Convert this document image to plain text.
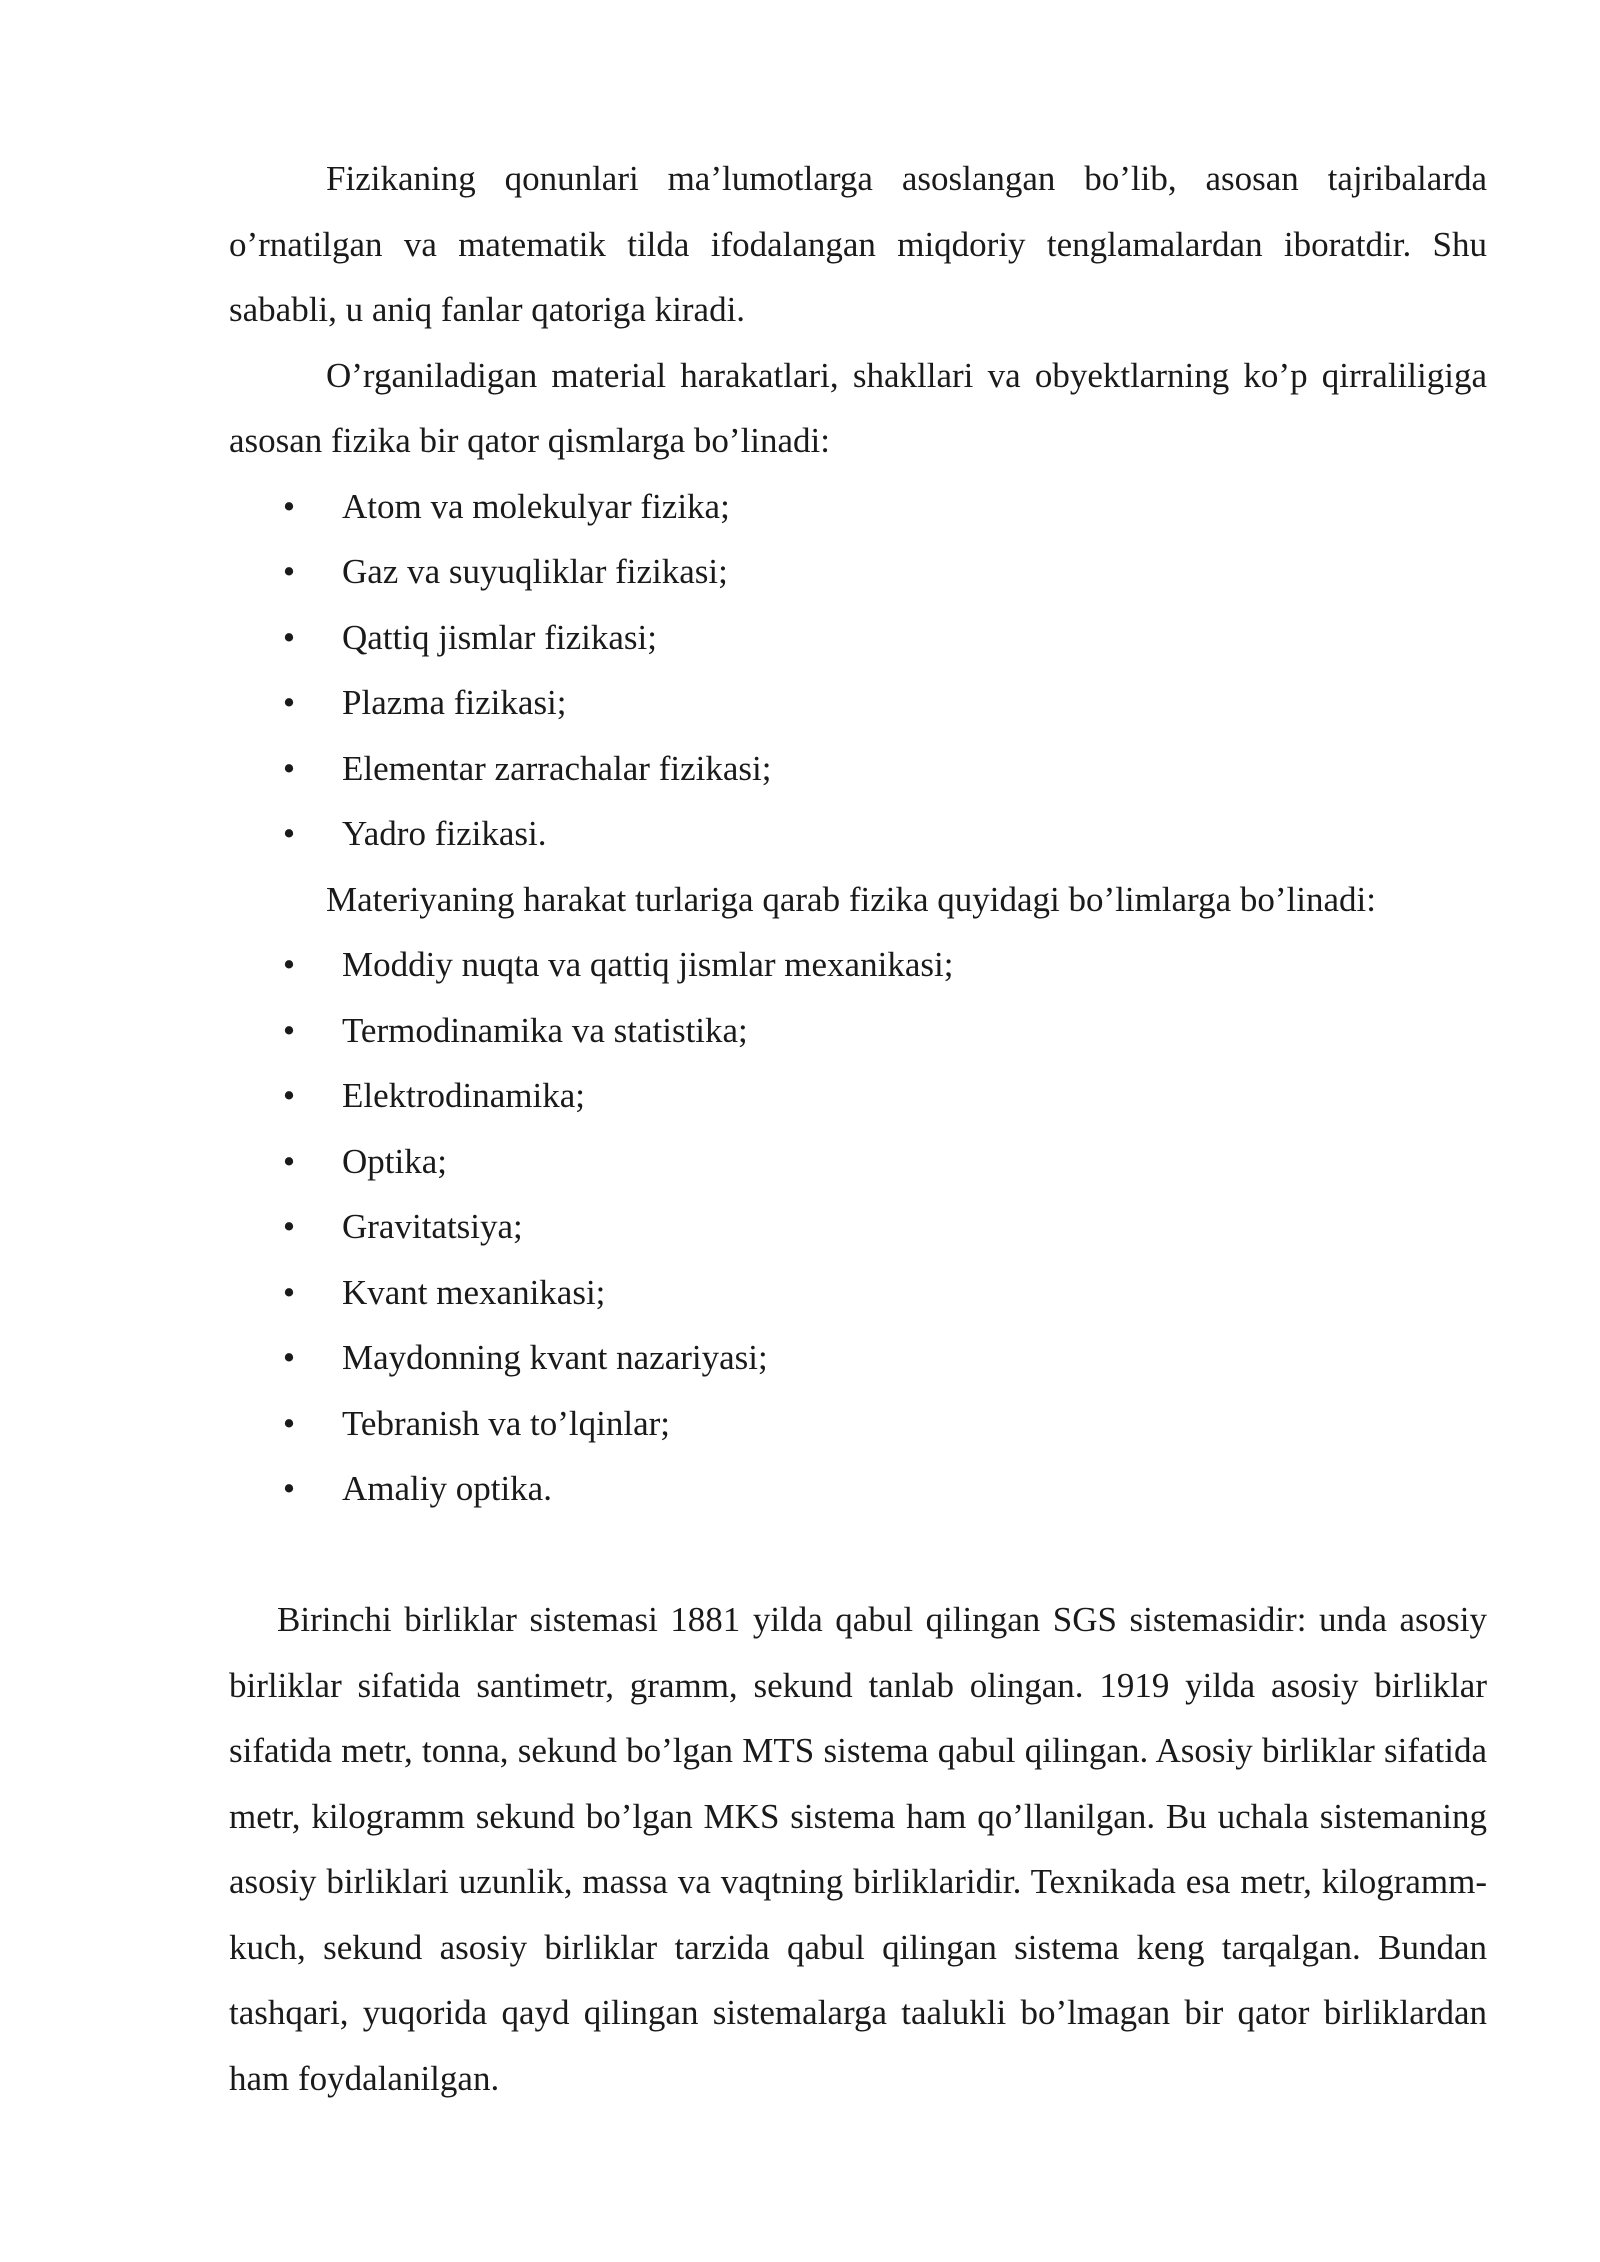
Fizikaning qonunlari ma’lumotlarga asoslangan bo’lib, asosan tajribalarda o’rnatilgan va matematik tilda ifodalangan miqdoriy tenglamalardan iboratdir. Shu sababli, u aniq fanlar qatoriga kiradi.

O’rganiladigan material harakatlari, shakllari va obyektlarning ko’p qirraliligiga asosan fizika bir qator qismlarga bo’linadi:

• Atom va molekulyar fizika;
• Gaz va suyuqliklar fizikasi;
• Qattiq jismlar fizikasi;
• Plazma fizikasi;
• Elementar zarrachalar fizikasi;
• Yadro fizikasi.

Materiyaning harakat turlariga qarab fizika quyidagi bo’limlarga bo’linadi:

• Moddiy nuqta va qattiq jismlar mexanikasi;
• Termodinamika va statistika;
• Elektrodinamika;
• Optika;
• Gravitatsiya;
• Kvant mexanikasi;
• Maydonning kvant nazariyasi;
• Tebranish va to’lqinlar;
• Amaliy optika.

Birinchi birliklar sistemasi 1881 yilda qabul qilingan SGS sistemasidir: unda asosiy birliklar sifatida santimetr, gramm, sekund tanlab olingan. 1919 yilda asosiy birliklar sifatida metr, tonna, sekund bo’lgan MTS sistema qabul qilingan. Asosiy birliklar sifatida metr, kilogramm sekund bo’lgan MKS sistema ham qo’llanilgan. Bu uchala sistemaning asosiy birliklari uzunlik, massa va vaqtning birliklaridir. Texnikada esa metr, kilogramm-kuch, sekund asosiy birliklar tarzida qabul qilingan sistema keng tarqalgan. Bundan tashqari, yuqorida qayd qilingan sistemalarga taalukli bo’lmagan bir qator birliklardan ham foydalanilgan.
